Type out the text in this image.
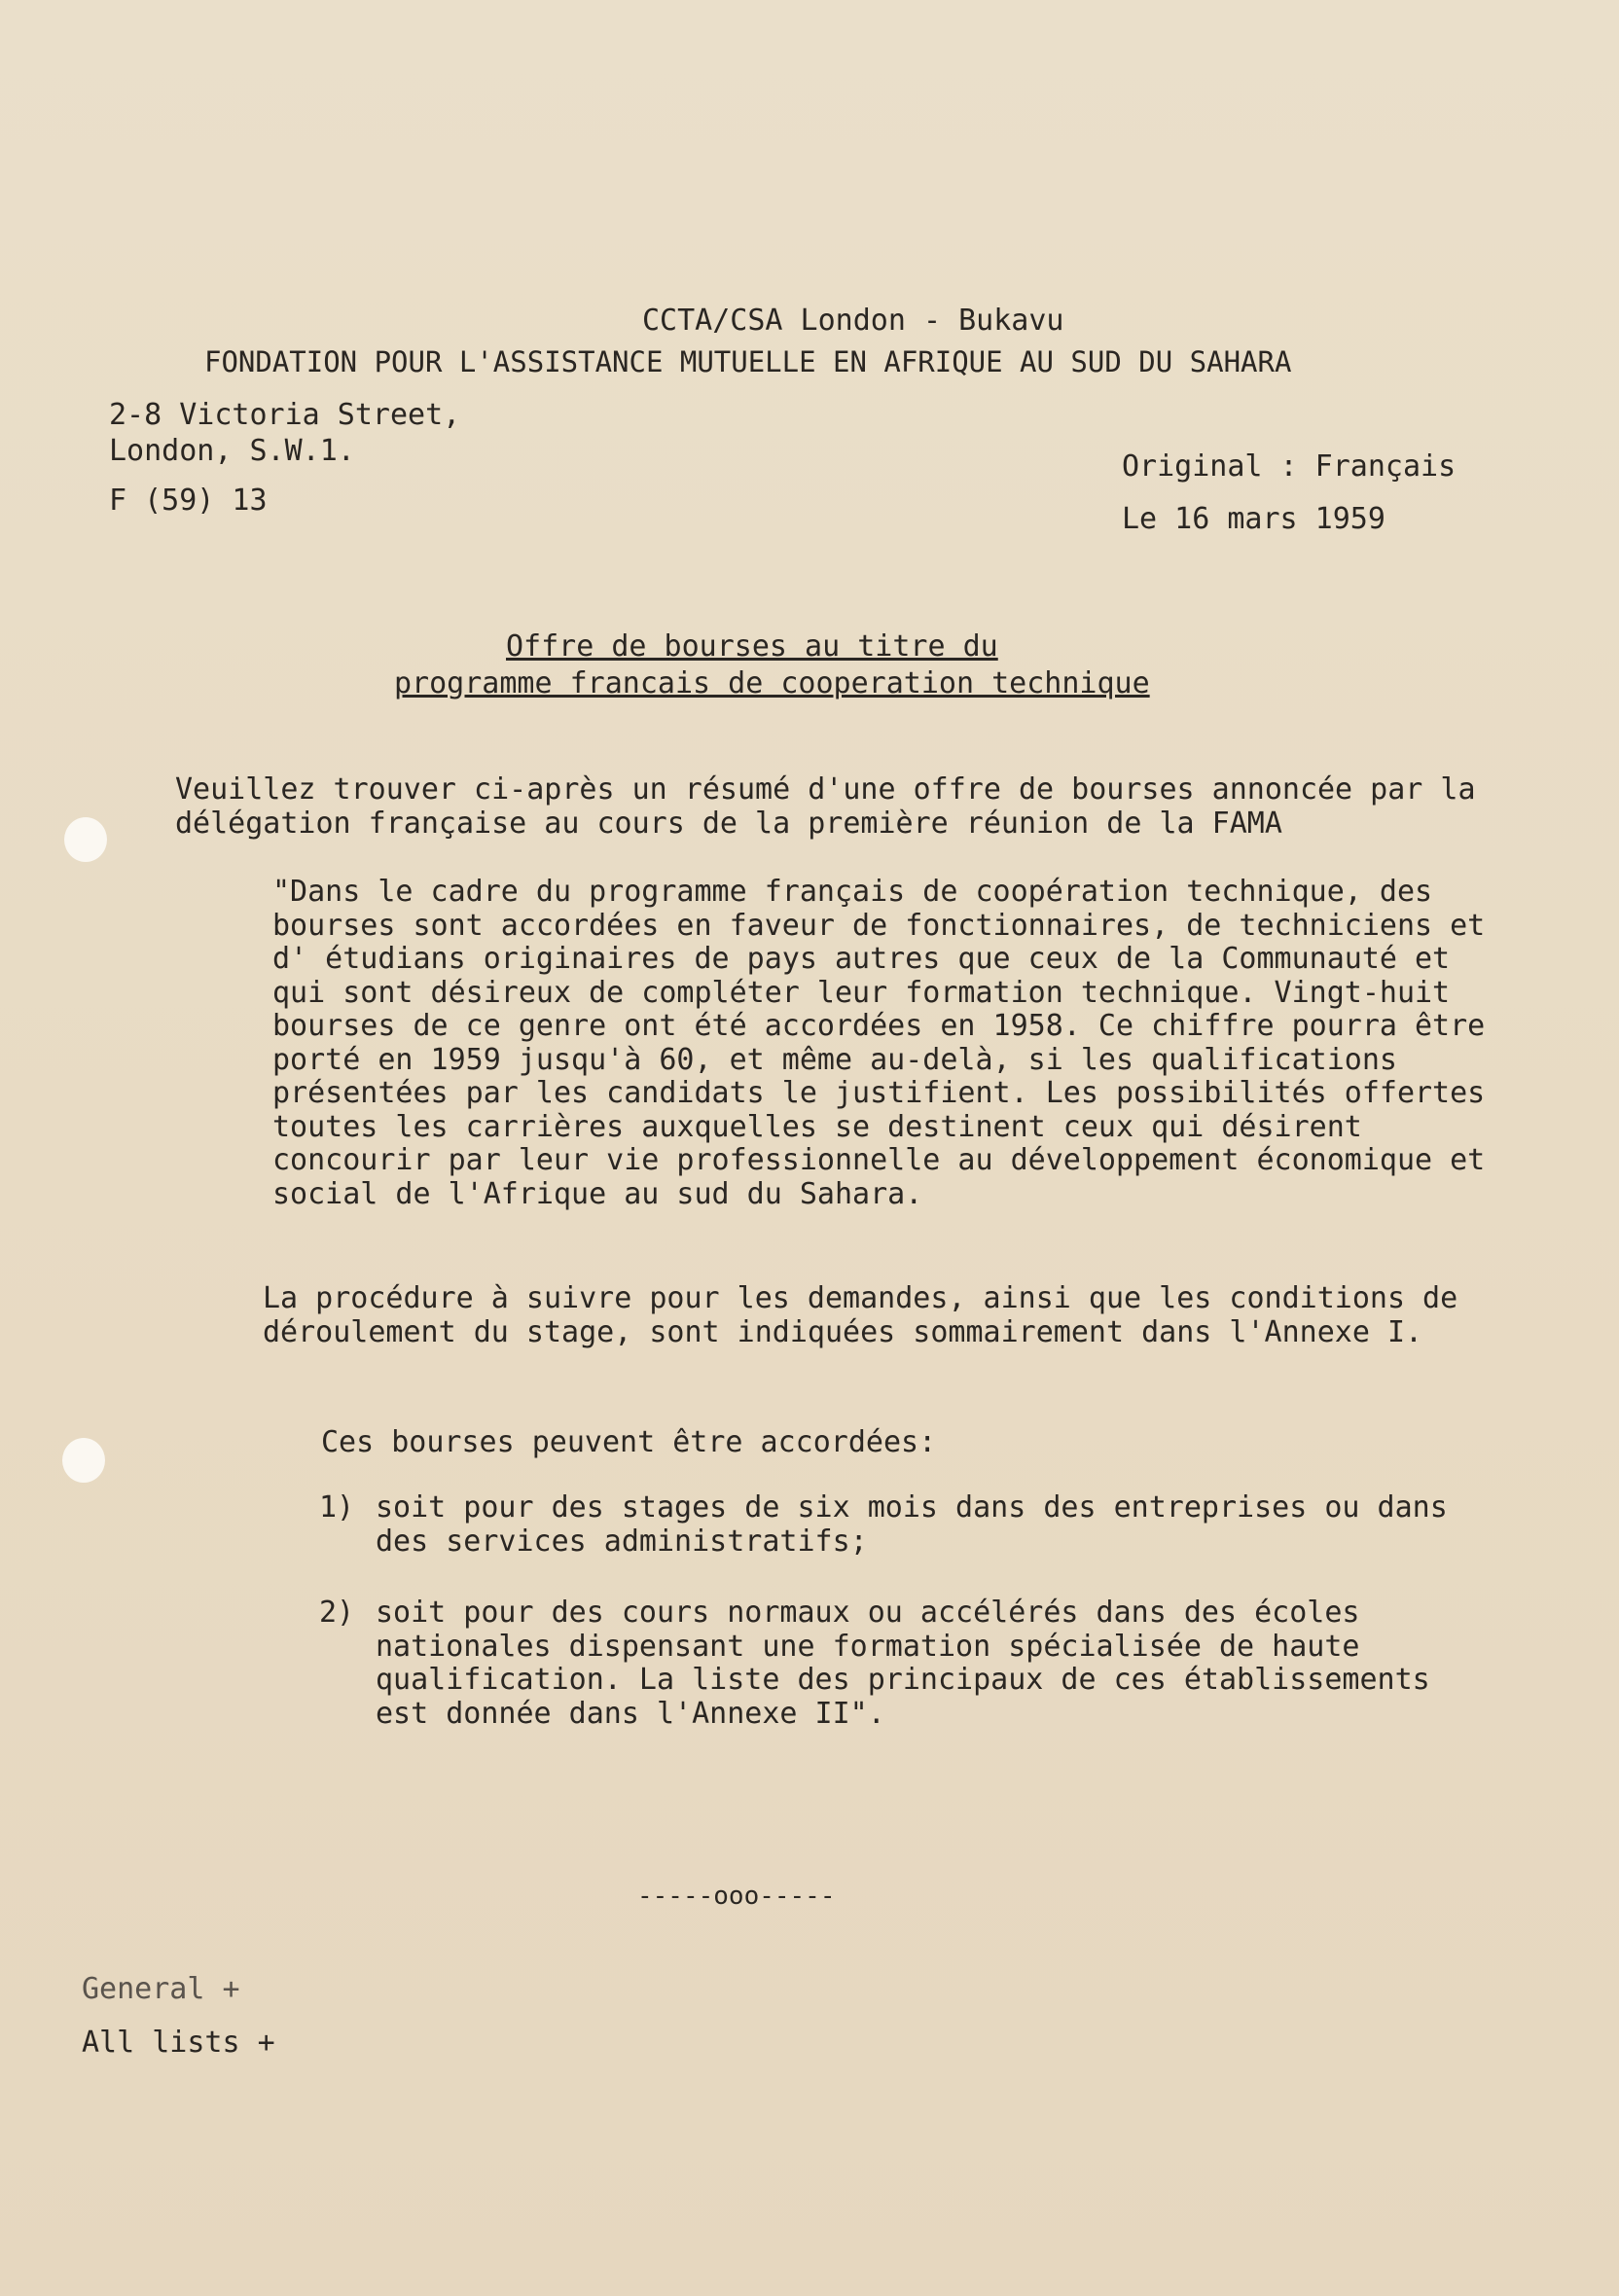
CCTA/CSA London - Bukavu
FONDATION POUR L'ASSISTANCE MUTUELLE EN AFRIQUE AU SUD DU SAHARA
2-8 Victoria Street,
London, S.W.1.
F (59) 13
Original : Français
Le 16 mars 1959
Offre de bourses au titre du
programme francais de cooperation technique
Veuillez trouver ci-après un résumé d'une offre de bourses annoncée par la délégation française au cours de la première réunion de la FAMA
"Dans le cadre du programme français de coopération technique, des bourses sont accordées en faveur de fonctionnaires, de techniciens et d' étudians originaires de pays autres que ceux de la Communauté et qui sont désireux de compléter leur formation technique. Vingt-huit bourses de ce genre ont été accordées en 1958. Ce chiffre pourra être porté en 1959 jusqu'à 60, et même au-delà, si les qualifications présentées par les candidats le justifient. Les possibilités offertes toutes les carrières auxquelles se destinent ceux qui désirent concourir par leur vie professionnelle au développement économique et social de l'Afrique au sud du Sahara.
La procédure à suivre pour les demandes, ainsi que les conditions de déroulement du stage, sont indiquées sommairement dans l'Annexe I.
Ces bourses peuvent être accordées:
1) soit pour des stages de six mois dans des entreprises ou dans des services administratifs;
2) soit pour des cours normaux ou accélérés dans des écoles nationales dispensant une formation spécialisée de haute qualification. La liste des principaux de ces établissements est donnée dans l'Annexe II".
-----ooo-----
General +
All lists +
